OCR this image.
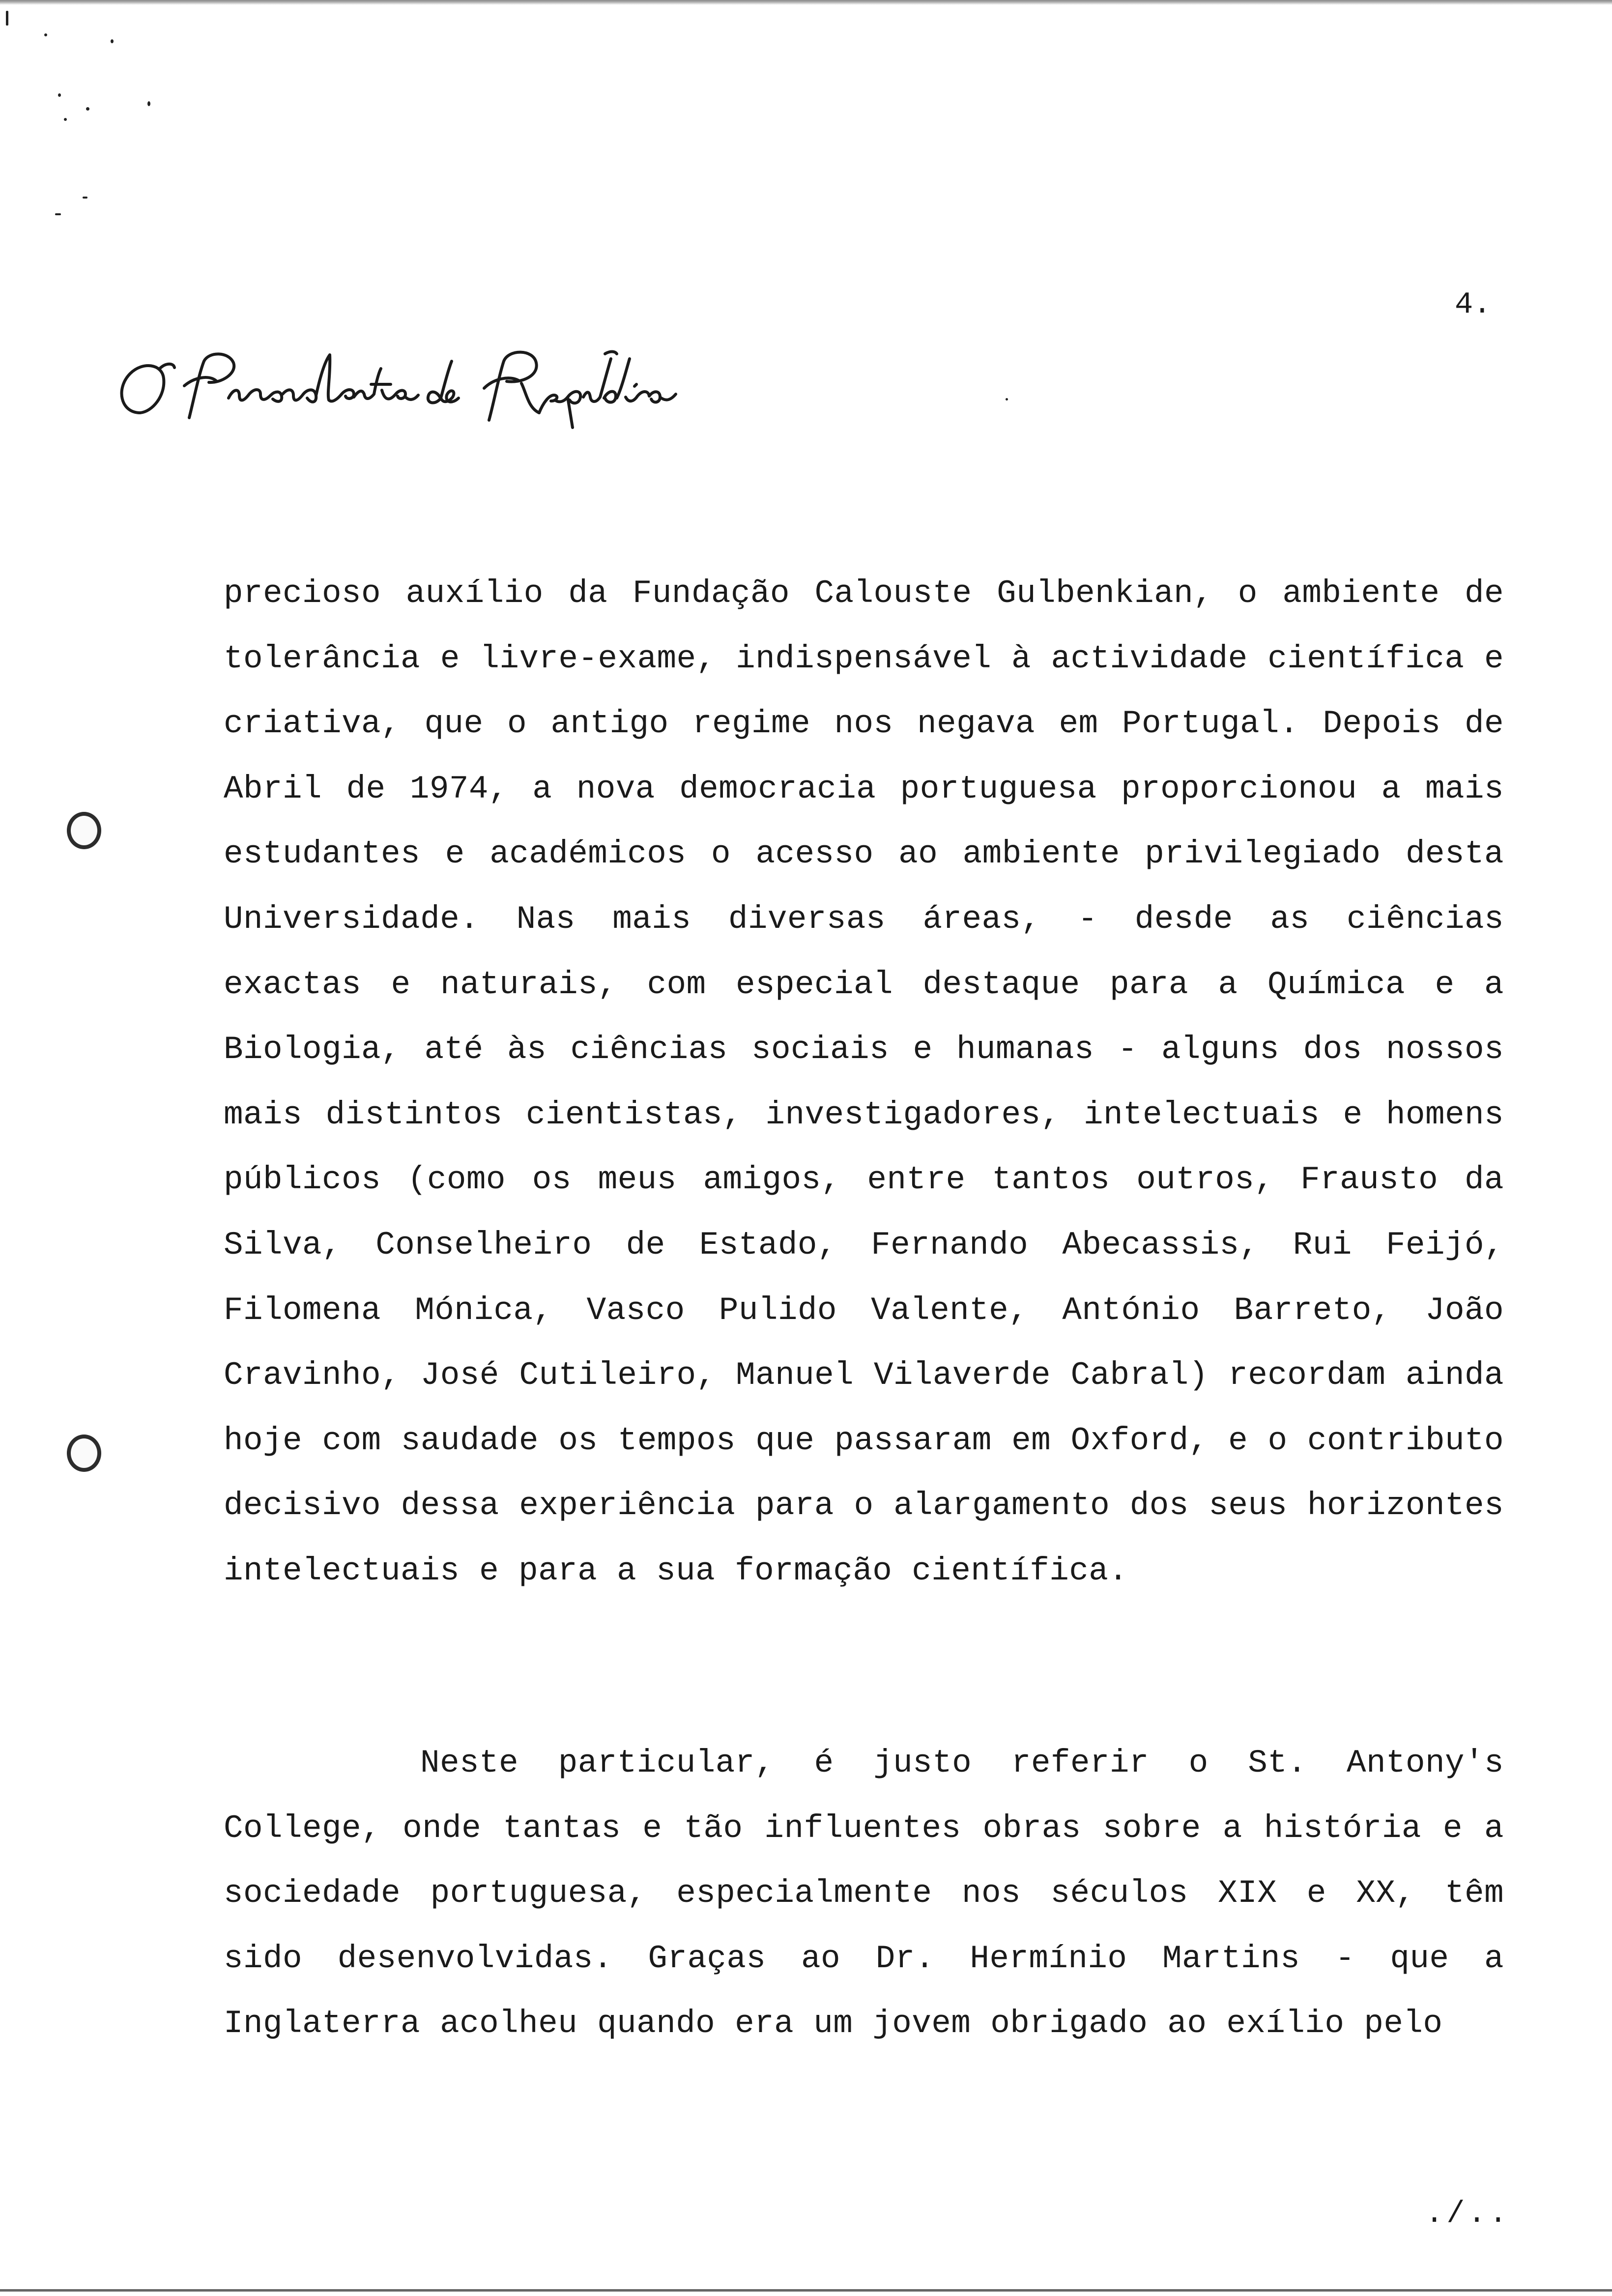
4.

precioso auxílio da Fundação Calouste Gulbenkian, o ambiente de tolerância e livre-exame, indispensável à actividade científica e criativa, que o antigo regime nos negava em Portugal. Depois de Abril de 1974, a nova democracia portuguesa proporcionou a mais estudantes e académicos o acesso ao ambiente privilegiado desta Universidade. Nas mais diversas áreas, - desde as ciências exactas e naturais, com especial destaque para a Química e a Biologia, até às ciências sociais e humanas - alguns dos nossos mais distintos cientistas, investigadores, intelectuais e homens públicos (como os meus amigos, entre tantos outros, Frausto da Silva, Conselheiro de Estado, Fernando Abecassis, Rui Feijó, Filomena Mónica, Vasco Pulido Valente, António Barreto, João Cravinho, José Cutileiro, Manuel Vilaverde Cabral) recordam ainda hoje com saudade os tempos que passaram em Oxford, e o contributo decisivo dessa experiência para o alargamento dos seus horizontes intelectuais e para a sua formação científica.

Neste particular, é justo referir o St. Antony's College, onde tantas e tão influentes obras sobre a história e a sociedade portuguesa, especialmente nos séculos XIX e XX, têm sido desenvolvidas. Graças ao Dr. Hermínio Martins - que a Inglaterra acolheu quando era um jovem obrigado ao exílio pelo

./..
